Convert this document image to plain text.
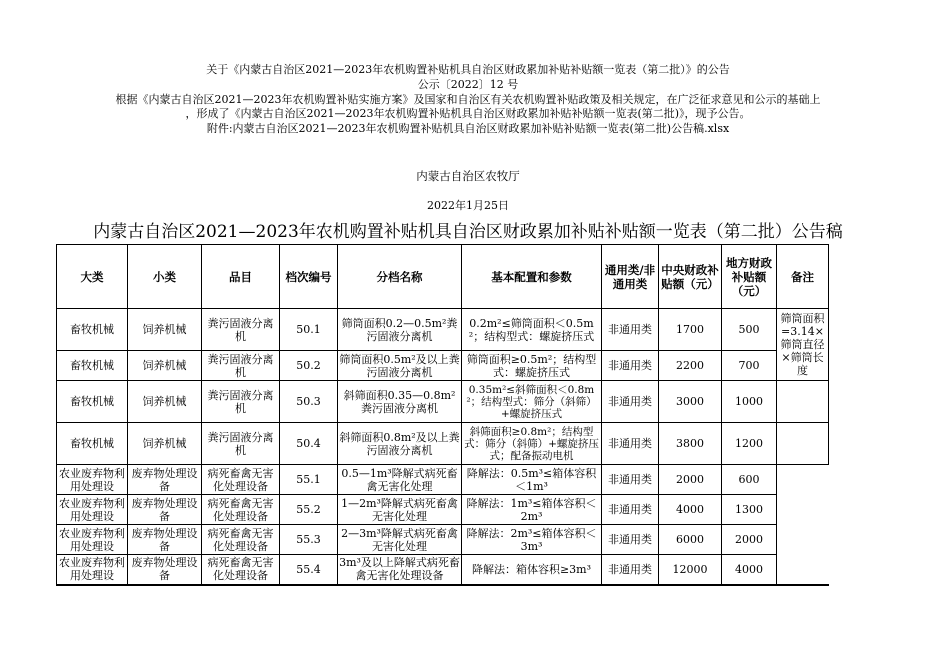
关于《内蒙古自治区2021—2023年农机购置补贴机具自治区财政累加补贴补贴额一览表（第二批）》的公告
公示〔2022〕12 号
根据《内蒙古自治区2021—2023年农机购置补贴实施方案》及国家和自治区有关农机购置补贴政策及相关规定，在广泛征求意见和公示的基础上
，形成了《内蒙古自治区2021—2023年农机购置补贴机具自治区财政累加补贴补贴额一览表(第二批)》，现予公告。
附件:内蒙古自治区2021—2023年农机购置补贴机具自治区财政累加补贴补贴额一览表(第二批)公告稿.xlsx
内蒙古自治区农牧厅
2022年1月25日
内蒙古自治区2021—2023年农机购置补贴机具自治区财政累加补贴补贴额一览表（第二批）公告稿
大类	小类	品目	档次编号	分档名称	基本配置和参数	通用类/非通用类	中央财政补贴额（元）	地方财政补贴额（元）	备注
畜牧机械	饲养机械	粪污固液分离机	50.1	筛筒面积0.2—0.5m²粪污固液分离机	0.2m²≤筛筒面积＜0.5m²；结构型式：螺旋挤压式	非通用类	1700	500	筛筒面积=3.14×筛筒直径×筛筒长度
畜牧机械	饲养机械	粪污固液分离机	50.2	筛筒面积0.5m²及以上粪污固液分离机	筛筒面积≥0.5m²；结构型式：螺旋挤压式	非通用类	2200	700	
畜牧机械	饲养机械	粪污固液分离机	50.3	斜筛面积0.35—0.8m²粪污固液分离机	0.35m²≤斜筛面积＜0.8m²；结构型式：筛分（斜筛）+螺旋挤压式	非通用类	3000	1000	
畜牧机械	饲养机械	粪污固液分离机	50.4	斜筛面积0.8m²及以上粪污固液分离机	斜筛面积≥0.8m²；结构型式：筛分（斜筛）+螺旋挤压式；配备振动电机	非通用类	3800	1200	
农业废弃物利用处理设	废弃物处理设备	病死畜禽无害化处理设备	55.1	0.5—1m³降解式病死畜禽无害化处理	降解法：0.5m³≤箱体容积＜1m³	非通用类	2000	600	
农业废弃物利用处理设	废弃物处理设备	病死畜禽无害化处理设备	55.2	1—2m³降解式病死畜禽无害化处理	降解法：1m³≤箱体容积＜2m³	非通用类	4000	1300	
农业废弃物利用处理设	废弃物处理设备	病死畜禽无害化处理设备	55.3	2—3m³降解式病死畜禽无害化处理	降解法：2m³≤箱体容积＜3m³	非通用类	6000	2000	
农业废弃物利用处理设	废弃物处理设备	病死畜禽无害化处理设备	55.4	3m³及以上降解式病死畜禽无害化处理设备	降解法：箱体容积≥3m³	非通用类	12000	4000	
